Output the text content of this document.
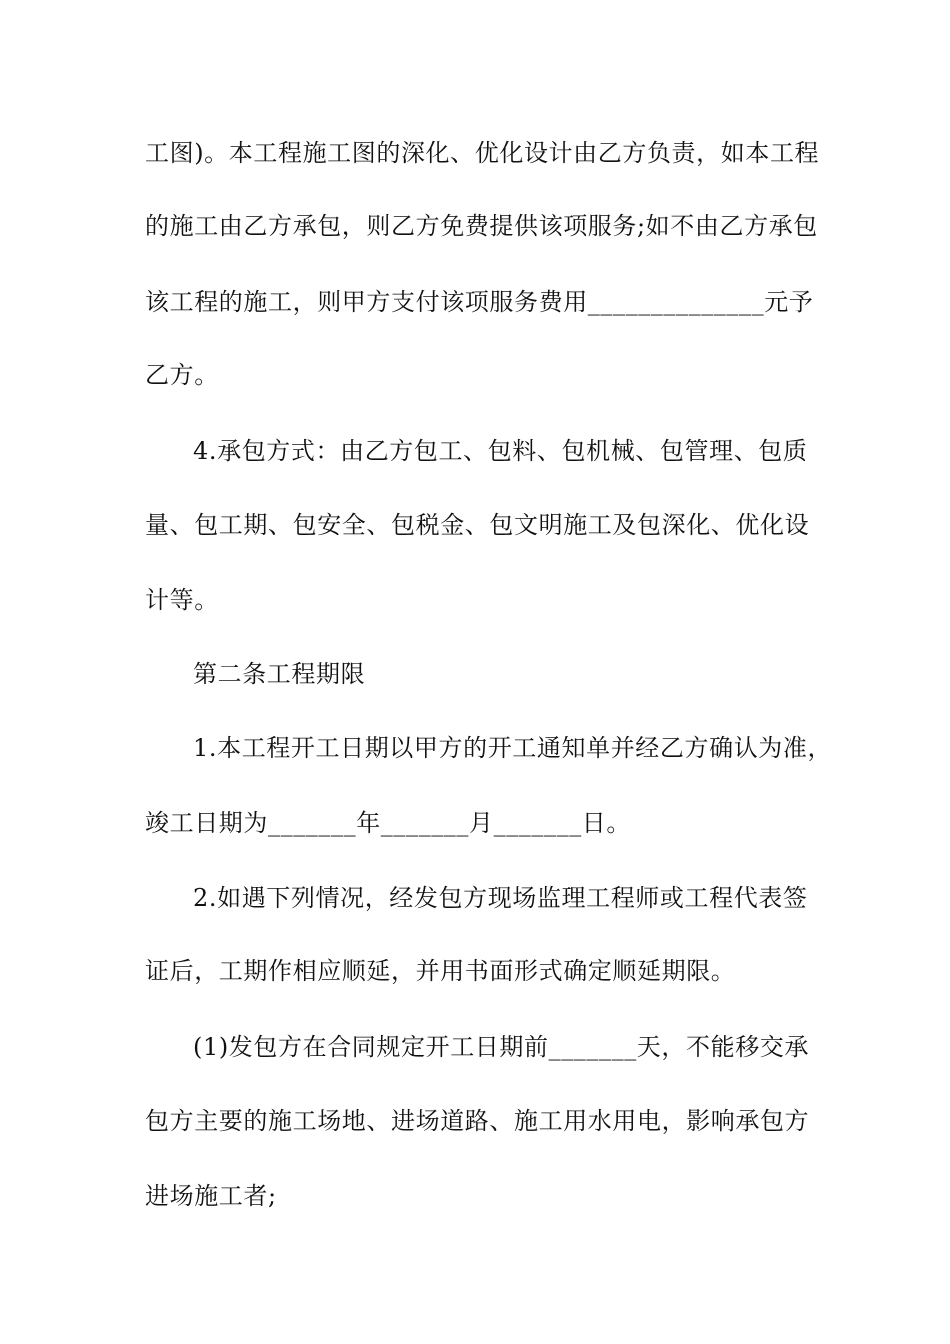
工图)。本工程施工图的深化、优化设计由乙方负责，如本工程
的施工由乙方承包，则乙方免费提供该项服务;如不由乙方承包
该工程的施工，则甲方支付该项服务费用______________元予
乙方。
4.承包方式：由乙方包工、包料、包机械、包管理、包质
量、包工期、包安全、包税金、包文明施工及包深化、优化设
计等。
第二条工程期限
1.本工程开工日期以甲方的开工通知单并经乙方确认为准，
竣工日期为_______年_______月_______日。
2.如遇下列情况，经发包方现场监理工程师或工程代表签
证后，工期作相应顺延，并用书面形式确定顺延期限。
(1)发包方在合同规定开工日期前_______天，不能移交承
包方主要的施工场地、进场道路、施工用水用电，影响承包方
进场施工者;
